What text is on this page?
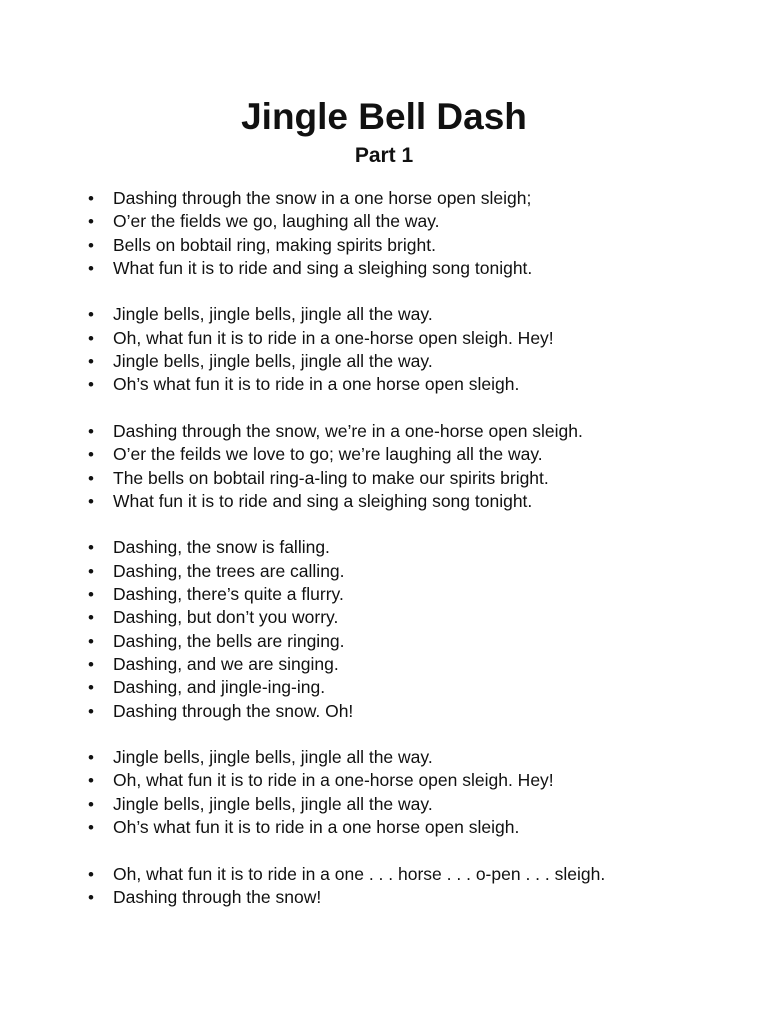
Jingle Bell Dash
Part 1
• Dashing through the snow in a one horse open sleigh;
• O’er the fields we go, laughing all the way.
• Bells on bobtail ring, making spirits bright.
• What fun it is to ride and sing a sleighing song tonight.
• Jingle bells, jingle bells, jingle all the way.
• Oh, what fun it is to ride in a one-horse open sleigh. Hey!
• Jingle bells, jingle bells, jingle all the way.
• Oh’s what fun it is to ride in a one horse open sleigh.
• Dashing through the snow, we’re in a one-horse open sleigh.
• O’er the feilds we love to go; we’re laughing all the way.
• The bells on bobtail ring-a-ling to make our spirits bright.
• What fun it is to ride and sing a sleighing song tonight.
• Dashing, the snow is falling.
• Dashing, the trees are calling.
• Dashing, there’s quite a flurry.
• Dashing, but don’t you worry.
• Dashing, the bells are ringing.
• Dashing, and we are singing.
• Dashing, and jingle-ing-ing.
• Dashing through the snow. Oh!
• Jingle bells, jingle bells, jingle all the way.
• Oh, what fun it is to ride in a one-horse open sleigh. Hey!
• Jingle bells, jingle bells, jingle all the way.
• Oh’s what fun it is to ride in a one horse open sleigh.
• Oh, what fun it is to ride in a one . . . horse . . . o-pen . . . sleigh.
• Dashing through the snow!
